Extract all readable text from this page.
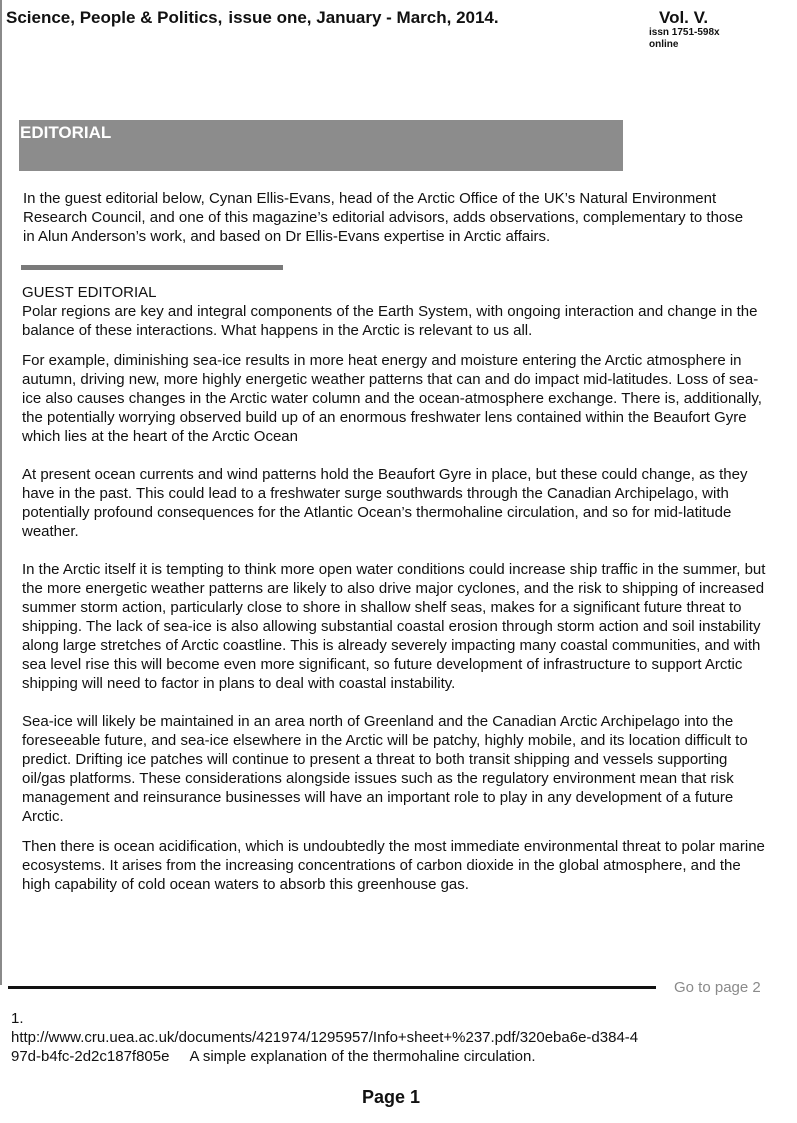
Science, People & Politics, issue one, January - March, 2014.	Vol. V.
issn 1751-598x
online
EDITORIAL

In the guest editorial below, Cynan Ellis-Evans, head of the Arctic Office of the UK’s Natural Environment Research Council, and one of this magazine’s editorial advisors, adds observations, complementary to those in Alun Anderson’s work, and based on Dr Ellis-Evans expertise in Arctic affairs.

GUEST EDITORIAL

Polar regions are key and integral components of the Earth System, with ongoing interaction and change in the balance of these interactions. What happens in the Arctic is relevant to us all.

For example, diminishing sea-ice results in more heat energy and moisture entering the Arctic atmosphere in autumn, driving new, more highly energetic weather patterns that can and do impact mid-latitudes. Loss of sea-ice also causes changes in the Arctic water column and the ocean-atmosphere exchange. There is, additionally, the potentially worrying observed build up of an enormous freshwater lens contained within the Beaufort Gyre which lies at the heart of the Arctic Ocean

At present ocean currents and wind patterns hold the Beaufort Gyre in place, but these could change, as they have in the past. This could lead to a freshwater surge southwards through the Canadian Archipelago, with potentially profound consequences for the Atlantic Ocean’s thermohaline circulation, and so for mid-latitude weather.

In the Arctic itself it is tempting to think more open water conditions could increase ship traffic in the summer, but the more energetic weather patterns are likely to also drive major cyclones, and the risk to shipping of increased summer storm action, particularly close to shore in shallow shelf seas, makes for a significant future threat to shipping. The lack of sea-ice is also allowing substantial coastal erosion through storm action and soil instability along large stretches of Arctic coastline. This is already severely impacting many coastal communities, and with sea level rise this will become even more significant, so future development of infrastructure to support Arctic shipping will need to factor in plans to deal with coastal instability.

Sea-ice will likely be maintained in an area north of Greenland and the Canadian Arctic Archipelago into the foreseeable future, and sea-ice elsewhere in the Arctic will be patchy, highly mobile, and its location difficult to predict. Drifting ice patches will continue to present a threat to both transit shipping and vessels supporting oil/gas platforms. These considerations alongside issues such as the regulatory environment mean that risk management and reinsurance businesses will have an important role to play in any development of a future Arctic.

Then there is ocean acidification, which is undoubtedly the most immediate environmental threat to polar marine ecosystems. It arises from the increasing concentrations of carbon dioxide in the global atmosphere, and the high capability of cold ocean waters to absorb this greenhouse gas.

Go to page 2
1.
http://www.cru.uea.ac.uk/documents/421974/1295957/Info+sheet+%237.pdf/320eba6e-d384-4
97d-b4fc-2d2c187f805e A simple explanation of the thermohaline circulation.
Page 1
